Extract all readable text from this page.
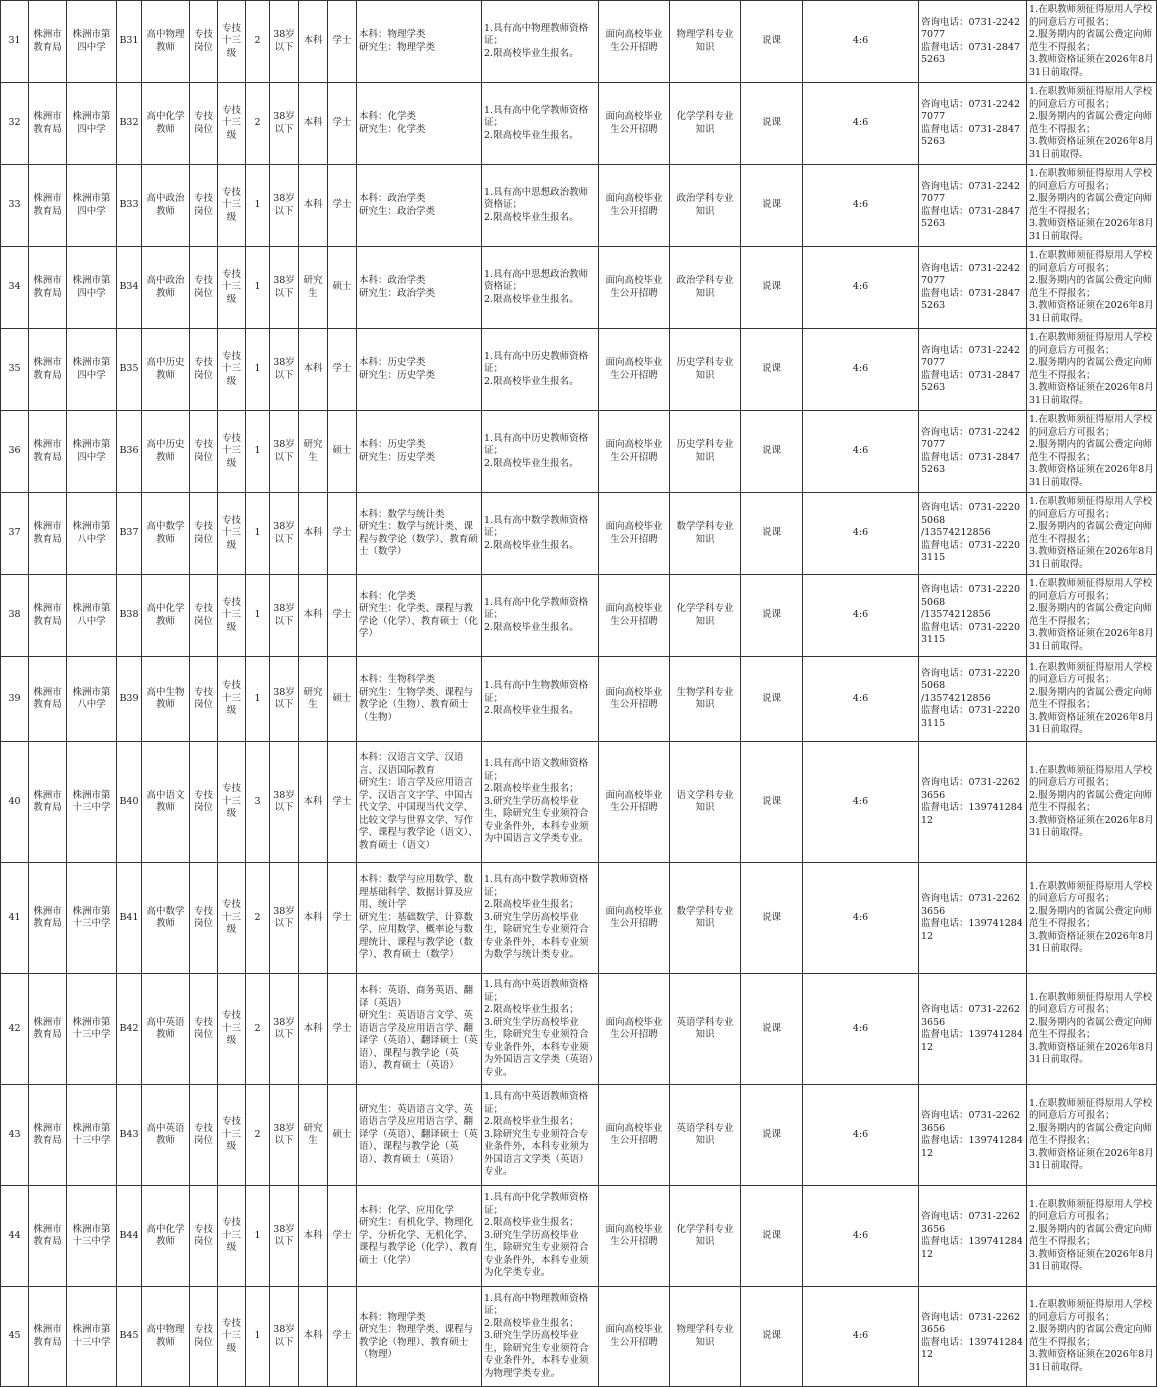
31	株洲市教育局	株洲市第四中学	B31	高中物理教师	专技岗位	专技十三级	2	38岁以下	本科	学士	本科：物理学类
研究生：物理学类	1.具有高中物理教师资格证；
2.限高校毕业生报名。	面向高校毕业生公开招聘	物理学科专业知识	说课	4:6	咨询电话：0731-22427077
监督电话：0731-28475263	1.在职教师须征得原用人学校的同意后方可报名；
2.服务期内的省属公费定向师范生不得报名；
3.教师资格证须在2026年8月31日前取得。
32	株洲市教育局	株洲市第四中学	B32	高中化学教师	专技岗位	专技十三级	2	38岁以下	本科	学士	本科：化学类
研究生：化学类	1.具有高中化学教师资格证；
2.限高校毕业生报名。	面向高校毕业生公开招聘	化学学科专业知识	说课	4:6	咨询电话：0731-22427077
监督电话：0731-28475263	1.在职教师须征得原用人学校的同意后方可报名；
2.服务期内的省属公费定向师范生不得报名；
3.教师资格证须在2026年8月31日前取得。
33	株洲市教育局	株洲市第四中学	B33	高中政治教师	专技岗位	专技十三级	1	38岁以下	本科	学士	本科：政治学类
研究生：政治学类	1.具有高中思想政治教师资格证；
2.限高校毕业生报名。	面向高校毕业生公开招聘	政治学科专业知识	说课	4:6	咨询电话：0731-22427077
监督电话：0731-28475263	1.在职教师须征得原用人学校的同意后方可报名；
2.服务期内的省属公费定向师范生不得报名；
3.教师资格证须在2026年8月31日前取得。
34	株洲市教育局	株洲市第四中学	B34	高中政治教师	专技岗位	专技十三级	1	38岁以下	研究生	硕士	本科：政治学类
研究生：政治学类	1.具有高中思想政治教师资格证；
2.限高校毕业生报名。	面向高校毕业生公开招聘	政治学科专业知识	说课	4:6	咨询电话：0731-22427077
监督电话：0731-28475263	1.在职教师须征得原用人学校的同意后方可报名；
2.服务期内的省属公费定向师范生不得报名；
3.教师资格证须在2026年8月31日前取得。
35	株洲市教育局	株洲市第四中学	B35	高中历史教师	专技岗位	专技十三级	1	38岁以下	本科	学士	本科：历史学类
研究生：历史学类	1.具有高中历史教师资格证；
2.限高校毕业生报名。	面向高校毕业生公开招聘	历史学科专业知识	说课	4:6	咨询电话：0731-22427077
监督电话：0731-28475263	1.在职教师须征得原用人学校的同意后方可报名；
2.服务期内的省属公费定向师范生不得报名；
3.教师资格证须在2026年8月31日前取得。
36	株洲市教育局	株洲市第四中学	B36	高中历史教师	专技岗位	专技十三级	1	38岁以下	研究生	硕士	本科：历史学类
研究生：历史学类	1.具有高中历史教师资格证；
2.限高校毕业生报名。	面向高校毕业生公开招聘	历史学科专业知识	说课	4:6	咨询电话：0731-22427077
监督电话：0731-28475263	1.在职教师须征得原用人学校的同意后方可报名；
2.服务期内的省属公费定向师范生不得报名；
3.教师资格证须在2026年8月31日前取得。
37	株洲市教育局	株洲市第八中学	B37	高中数学教师	专技岗位	专技十三级	1	38岁以下	本科	学士	本科：数学与统计类
研究生：数学与统计类、课程与教学论（数学）、教育硕士（数学）	1.具有高中数学教师资格证；
2.限高校毕业生报名。	面向高校毕业生公开招聘	数学学科专业知识	说课	4:6	咨询电话：0731-22205068
/13574212856
监督电话：0731-22203115	1.在职教师须征得原用人学校的同意后方可报名；
2.服务期内的省属公费定向师范生不得报名；
3.教师资格证须在2026年8月31日前取得。
38	株洲市教育局	株洲市第八中学	B38	高中化学教师	专技岗位	专技十三级	1	38岁以下	本科	学士	本科：化学类
研究生：化学类、课程与教学论（化学）、教育硕士（化学）	1.具有高中化学教师资格证；
2.限高校毕业生报名。	面向高校毕业生公开招聘	化学学科专业知识	说课	4:6	咨询电话：0731-22205068
/13574212856
监督电话：0731-22203115	1.在职教师须征得原用人学校的同意后方可报名；
2.服务期内的省属公费定向师范生不得报名；
3.教师资格证须在2026年8月31日前取得。
39	株洲市教育局	株洲市第八中学	B39	高中生物教师	专技岗位	专技十三级	1	38岁以下	研究生	硕士	本科：生物科学类
研究生：生物学类、课程与教学论（生物）、教育硕士（生物）	1.具有高中生物教师资格证；
2.限高校毕业生报名。	面向高校毕业生公开招聘	生物学科专业知识	说课	4:6	咨询电话：0731-22205068
/13574212856
监督电话：0731-22203115	1.在职教师须征得原用人学校的同意后方可报名；
2.服务期内的省属公费定向师范生不得报名；
3.教师资格证须在2026年8月31日前取得。
40	株洲市教育局	株洲市第十三中学	B40	高中语文教师	专技岗位	专技十三级	3	38岁以下	本科	学士	本科：汉语言文学、汉语言、汉语国际教育
研究生：语言学及应用语言学、汉语言文字学、中国古代文学、中国现当代文学、比较文学与世界文学、写作学、课程与教学论（语文）、教育硕士（语文）	1.具有高中语文教师资格证；
2.限高校毕业生报名；
3.研究生学历高校毕业生，除研究生专业须符合专业条件外，本科专业须为中国语言文学类专业。	面向高校毕业生公开招聘	语文学科专业知识	说课	4:6	咨询电话：0731-22623656
监督电话：13974128412	1.在职教师须征得原用人学校的同意后方可报名；
2.服务期内的省属公费定向师范生不得报名；
3.教师资格证须在2026年8月31日前取得。
41	株洲市教育局	株洲市第十三中学	B41	高中数学教师	专技岗位	专技十三级	2	38岁以下	本科	学士	本科：数学与应用数学、数理基础科学、数据计算及应用、统计学
研究生：基础数学、计算数学、应用数学、概率论与数理统计、课程与教学论（数学）、教育硕士（数学）	1.具有高中数学教师资格证；
2.限高校毕业生报名；
3.研究生学历高校毕业生，除研究生专业须符合专业条件外，本科专业须为数学与统计类专业。	面向高校毕业生公开招聘	数学学科专业知识	说课	4:6	咨询电话：0731-22623656
监督电话：13974128412	1.在职教师须征得原用人学校的同意后方可报名；
2.服务期内的省属公费定向师范生不得报名；
3.教师资格证须在2026年8月31日前取得。
42	株洲市教育局	株洲市第十三中学	B42	高中英语教师	专技岗位	专技十三级	2	38岁以下	本科	学士	本科：英语、商务英语、翻译（英语）
研究生：英语语言文学、英语语言学及应用语言学、翻译学（英语）、翻译硕士（英语）、课程与教学论（英语）、教育硕士（英语）	1.具有高中英语教师资格证；
2.限高校毕业生报名；
3.研究生学历高校毕业生，除研究生专业须符合专业条件外，本科专业须为外国语言文学类（英语）专业。	面向高校毕业生公开招聘	英语学科专业知识	说课	4:6	咨询电话：0731-22623656
监督电话：13974128412	1.在职教师须征得原用人学校的同意后方可报名；
2.服务期内的省属公费定向师范生不得报名；
3.教师资格证须在2026年8月31日前取得。
43	株洲市教育局	株洲市第十三中学	B43	高中英语教师	专技岗位	专技十三级	2	38岁以下	研究生	硕士	研究生：英语语言文学、英语语言学及应用语言学、翻译学（英语）、翻译硕士（英语）、课程与教学论（英语）、教育硕士（英语）	1.具有高中英语教师资格证；
2.限高校毕业生报名；
3.除研究生专业须符合专业条件外，本科专业须为外国语言文学类（英语）专业。	面向高校毕业生公开招聘	英语学科专业知识	说课	4:6	咨询电话：0731-22623656
监督电话：13974128412	1.在职教师须征得原用人学校的同意后方可报名；
2.服务期内的省属公费定向师范生不得报名；
3.教师资格证须在2026年8月31日前取得。
44	株洲市教育局	株洲市第十三中学	B44	高中化学教师	专技岗位	专技十三级	1	38岁以下	本科	学士	本科：化学、应用化学
研究生：有机化学、物理化学、分析化学、无机化学、课程与教学论（化学）、教育硕士（化学）	1.具有高中化学教师资格证；
2.限高校毕业生报名；
3.研究生学历高校毕业生，除研究生专业须符合专业条件外，本科专业须为化学类专业。	面向高校毕业生公开招聘	化学学科专业知识	说课	4:6	咨询电话：0731-22623656
监督电话：13974128412	1.在职教师须征得原用人学校的同意后方可报名；
2.服务期内的省属公费定向师范生不得报名；
3.教师资格证须在2026年8月31日前取得。
45	株洲市教育局	株洲市第十三中学	B45	高中物理教师	专技岗位	专技十三级	1	38岁以下	本科	学士	本科：物理学类
研究生：物理学类、课程与教学论（物理）、教育硕士（物理）	1.具有高中物理教师资格证；
2.限高校毕业生报名；
3.研究生学历高校毕业生，除研究生专业须符合专业条件外，本科专业须为物理学类专业。	面向高校毕业生公开招聘	物理学科专业知识	说课	4:6	咨询电话：0731-22623656
监督电话：13974128412	1.在职教师须征得原用人学校的同意后方可报名；
2.服务期内的省属公费定向师范生不得报名；
3.教师资格证须在2026年8月31日前取得。
